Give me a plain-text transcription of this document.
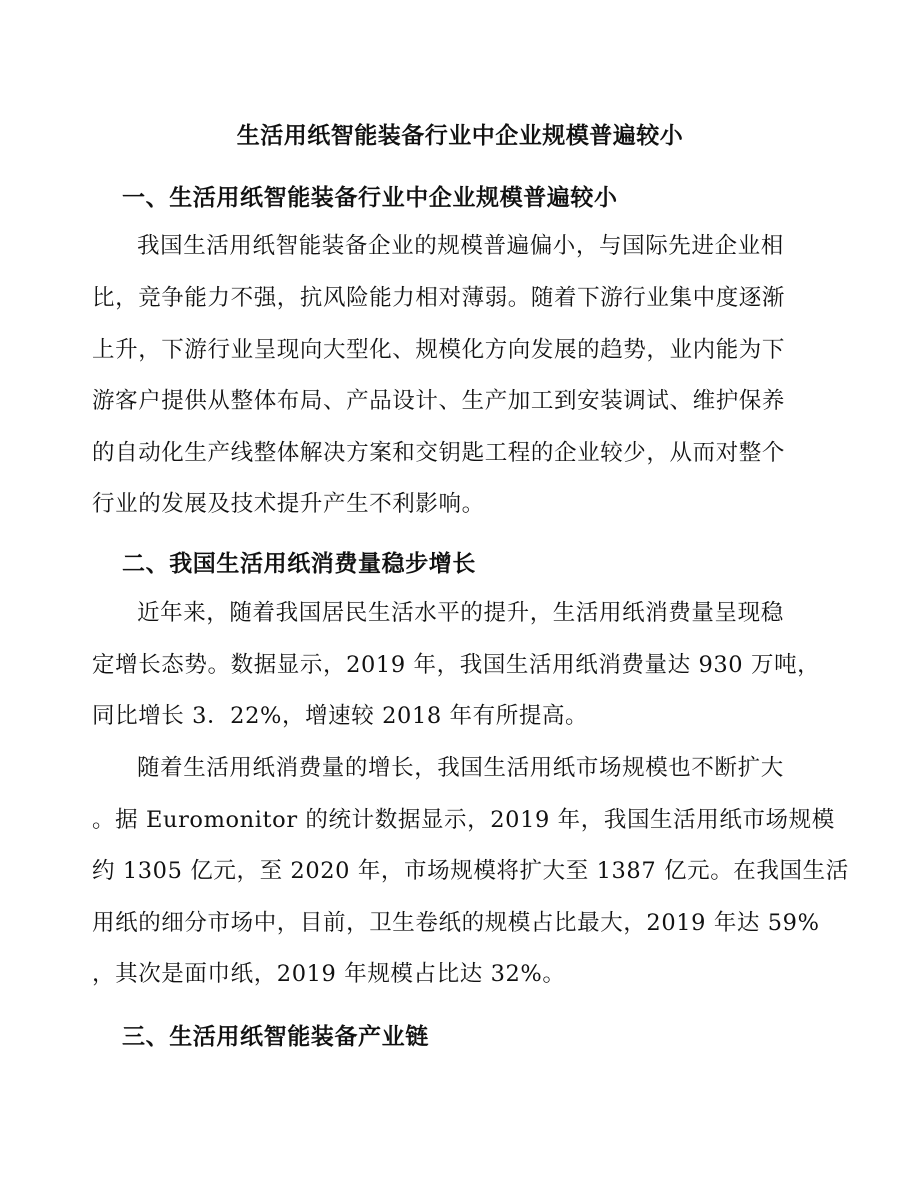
生活用纸智能装备行业中企业规模普遍较小
一、生活用纸智能装备行业中企业规模普遍较小
我国生活用纸智能装备企业的规模普遍偏小，与国际先进企业相
比，竞争能力不强，抗风险能力相对薄弱。随着下游行业集中度逐渐
上升，下游行业呈现向大型化、规模化方向发展的趋势，业内能为下
游客户提供从整体布局、产品设计、生产加工到安装调试、维护保养
的自动化生产线整体解决方案和交钥匙工程的企业较少，从而对整个
行业的发展及技术提升产生不利影响。
二、我国生活用纸消费量稳步增长
近年来，随着我国居民生活水平的提升，生活用纸消费量呈现稳
定增长态势。数据显示，2019 年，我国生活用纸消费量达 930 万吨，
同比增长 3．22%，增速较 2018 年有所提高。
随着生活用纸消费量的增长，我国生活用纸市场规模也不断扩大
。据 Euromonitor 的统计数据显示，2019 年，我国生活用纸市场规模
约 1305 亿元，至 2020 年，市场规模将扩大至 1387 亿元。在我国生活
用纸的细分市场中，目前，卫生卷纸的规模占比最大，2019 年达 59%
，其次是面巾纸，2019 年规模占比达 32%。
三、生活用纸智能装备产业链
